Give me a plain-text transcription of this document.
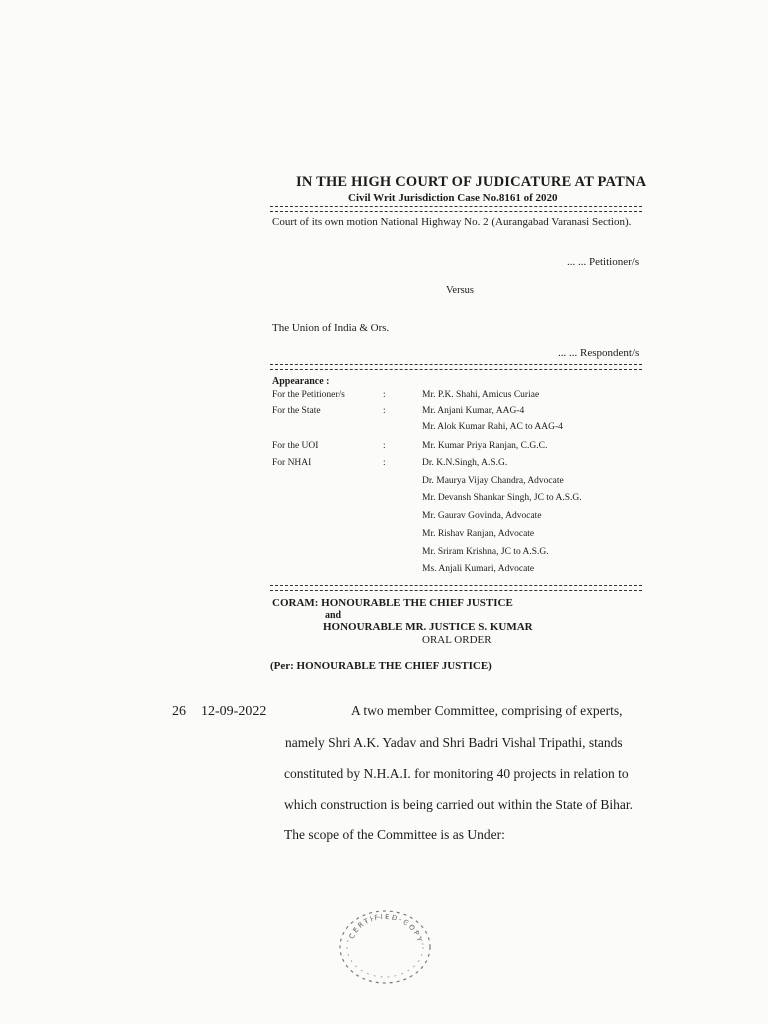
IN THE HIGH COURT OF JUDICATURE AT PATNA
Civil Writ Jurisdiction Case No.8161 of 2020
Court of its own motion National Highway No. 2 (Aurangabad Varanasi Section).
... ... Petitioner/s
Versus
The Union of India & Ors.
... ... Respondent/s
Appearance :
For the Petitioner/s	:	Mr. P.K. Shahi, Amicus Curiae
For the State	:	Mr. Anjani Kumar, AAG-4
Mr. Alok Kumar Rahi, AC to AAG-4
For the UOI	:	Mr. Kumar Priya Ranjan, C.G.C.
For NHAI	:	Dr. K.N.Singh, A.S.G.
Dr. Maurya Vijay Chandra, Advocate
Mr. Devansh Shankar Singh, JC to A.S.G.
Mr. Gaurav Govinda, Advocate
Mr. Rishav Ranjan, Advocate
Mr. Sriram Krishna, JC to A.S.G.
Ms. Anjali Kumari, Advocate
CORAM: HONOURABLE THE CHIEF JUSTICE
and
HONOURABLE MR. JUSTICE S. KUMAR
ORAL ORDER
(Per: HONOURABLE THE CHIEF JUSTICE)
26 12-09-2022	A two member Committee, comprising of experts,
namely Shri A.K. Yadav and Shri Badri Vishal Tripathi, stands
constituted by N.H.A.I. for monitoring 40 projects in relation to
which construction is being carried out within the State of Bihar.
The scope of the Committee is as Under:
CERTIFIED COPY
